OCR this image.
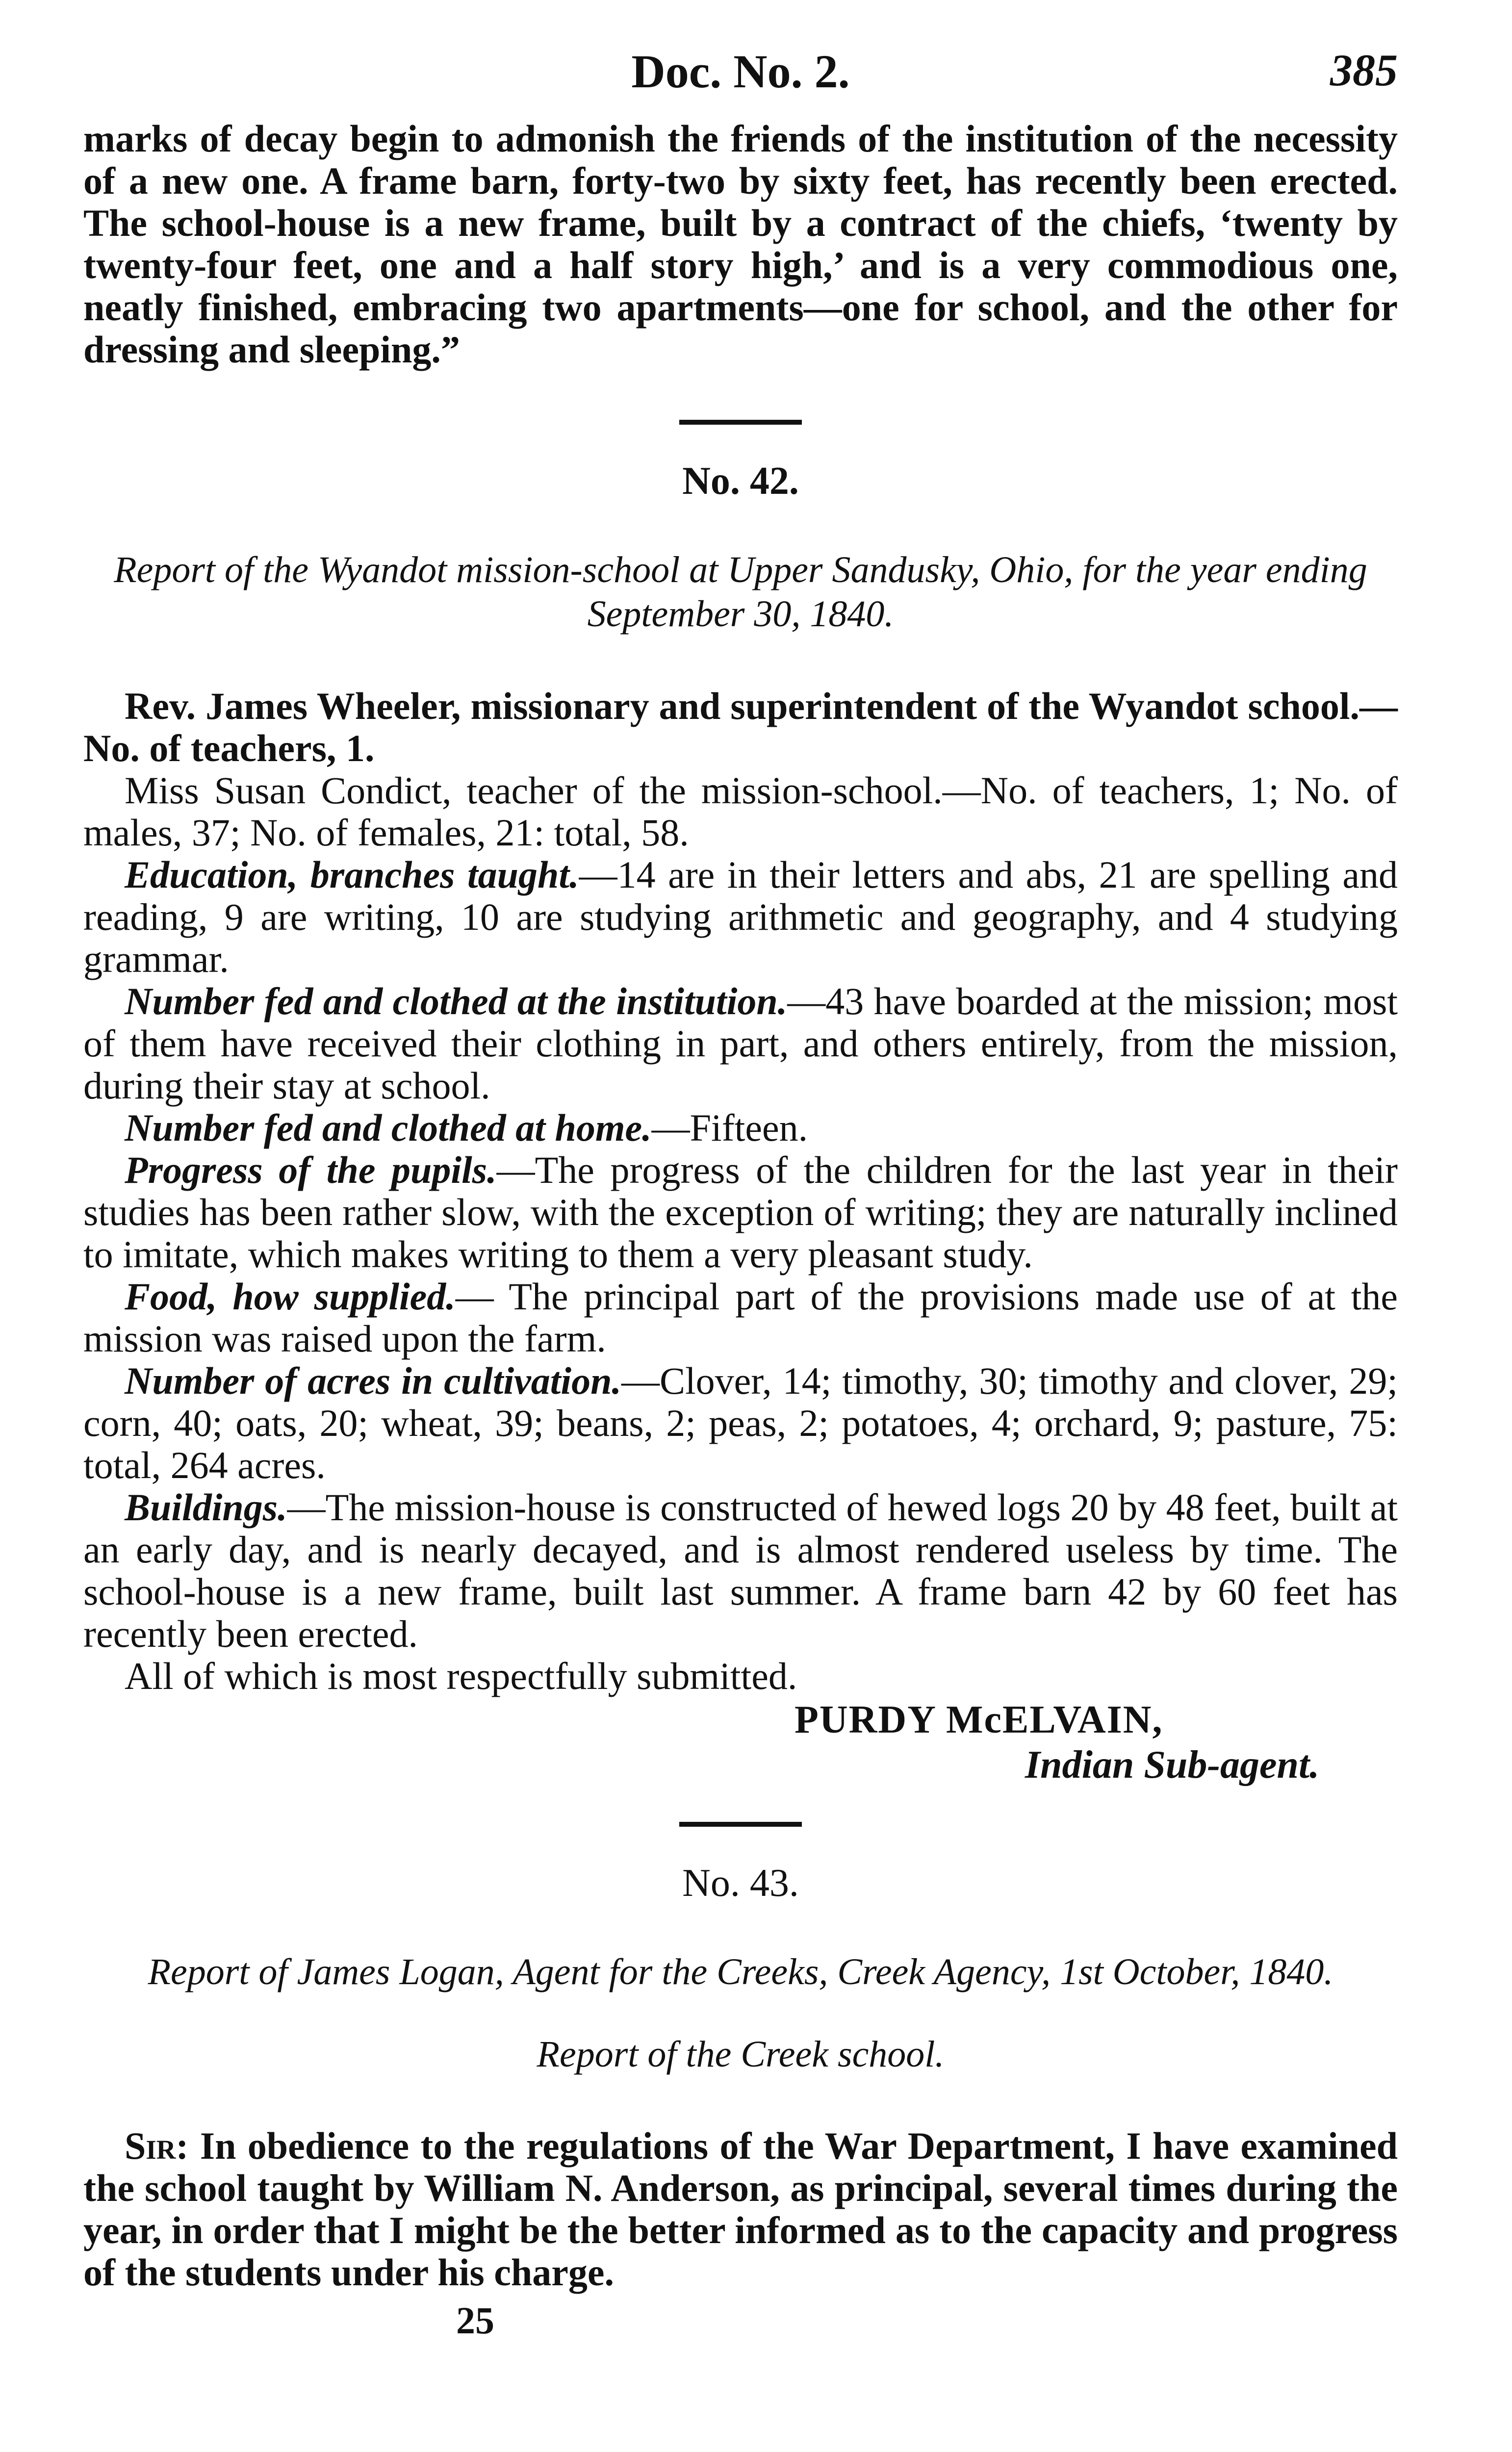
Doc. No. 2.	385

marks of decay begin to admonish the friends of the institution of the necessity of a new one. A frame barn, forty-two by sixty feet, has recently been erected. The school-house is a new frame, built by a contract of the chiefs, ‘twenty by twenty-four feet, one and a half story high,’ and is a very commodious one, neatly finished, embracing two apartments—one for school, and the other for dressing and sleeping.”

No. 42.
Report of the Wyandot mission-school at Upper Sandusky, Ohio, for the year ending September 30, 1840.

Rev. James Wheeler, missionary and superintendent of the Wyandot school.—No. of teachers, 1.

Miss Susan Condict, teacher of the mission-school.—No. of teachers, 1; No. of males, 37; No. of females, 21: total, 58.

Education, branches taught.—14 are in their letters and abs, 21 are spelling and reading, 9 are writing, 10 are studying arithmetic and geography, and 4 studying grammar.

Number fed and clothed at the institution.—43 have boarded at the mission; most of them have received their clothing in part, and others entirely, from the mission, during their stay at school.

Number fed and clothed at home.—Fifteen.

Progress of the pupils.—The progress of the children for the last year in their studies has been rather slow, with the exception of writing; they are naturally inclined to imitate, which makes writing to them a very pleasant study.

Food, how supplied.— The principal part of the provisions made use of at the mission was raised upon the farm.

Number of acres in cultivation.—Clover, 14; timothy, 30; timothy and clover, 29; corn, 40; oats, 20; wheat, 39; beans, 2; peas, 2; potatoes, 4; orchard, 9; pasture, 75: total, 264 acres.

Buildings.—The mission-house is constructed of hewed logs 20 by 48 feet, built at an early day, and is nearly decayed, and is almost rendered useless by time. The school-house is a new frame, built last summer. A frame barn 42 by 60 feet has recently been erected.

All of which is most respectfully submitted.

PURDY McELVAIN,
Indian Sub-agent.
No. 43.
Report of James Logan, Agent for the Creeks, Creek Agency, 1st October, 1840.
Report of the Creek school.

Sir: In obedience to the regulations of the War Department, I have examined the school taught by William N. Anderson, as principal, several times during the year, in order that I might be the better informed as to the capacity and progress of the students under his charge.

25
